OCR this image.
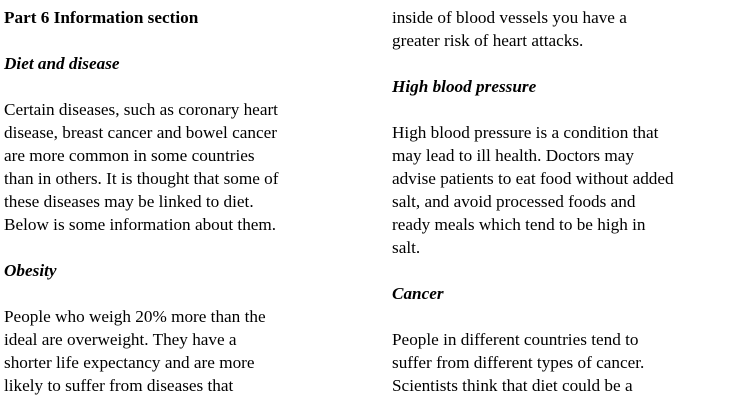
Part 6 Information section
Diet and disease
Certain diseases, such as coronary heart
disease, breast cancer and bowel cancer
are more common in some countries
than in others. It is thought that some of
these diseases may be linked to diet.
Below is some information about them.
Obesity
People who weigh 20% more than the
ideal are overweight. They have a
shorter life expectancy and are more
likely to suffer from diseases that
inside of blood vessels you have a
greater risk of heart attacks.
High blood pressure
High blood pressure is a condition that
may lead to ill health. Doctors may
advise patients to eat food without added
salt, and avoid processed foods and
ready meals which tend to be high in
salt.
Cancer
People in different countries tend to
suffer from different types of cancer.
Scientists think that diet could be a
